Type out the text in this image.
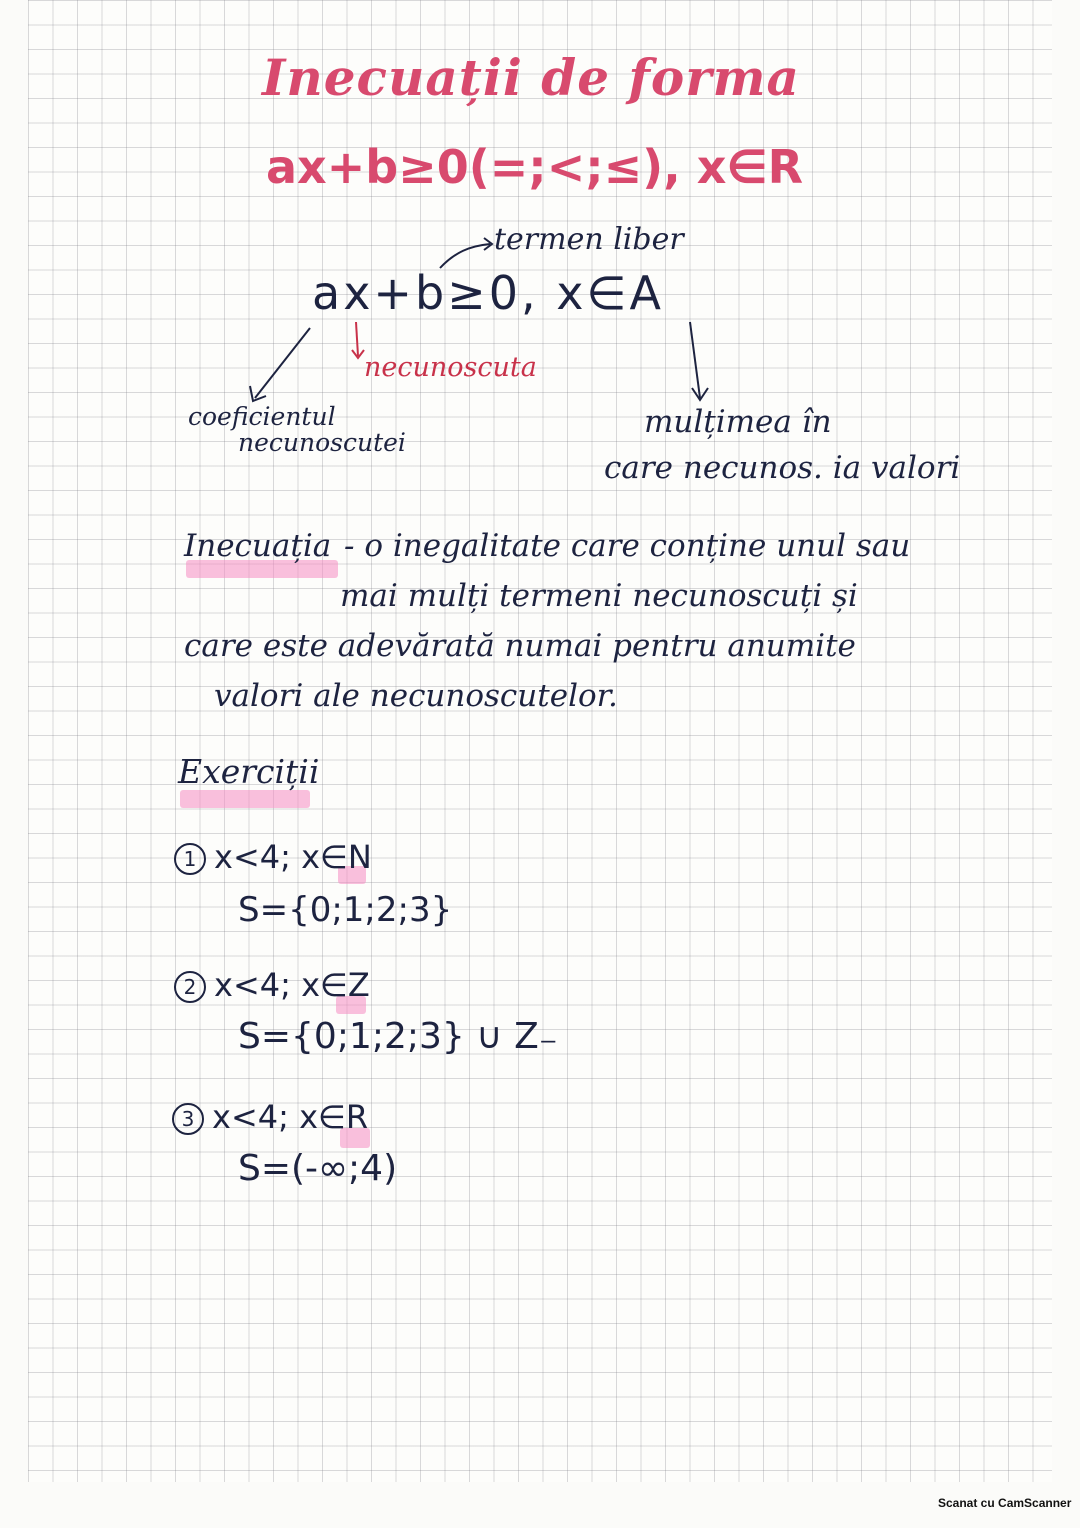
Inecuații de forma
ax+b≥0(=;<;≤), x∈R
termen liber
ax+b≥0, x∈A
necunoscuta
coeficientul
necunoscutei
mulțimea în
care necunos. ia valori
Inecuația - o inegalitate care conține unul sau
mai mulți termeni necunoscuți și
care este adevărată numai pentru anumite
valori ale necunoscutelor.
Exerciții
1 x<4; x∈N
S={0;1;2;3}
2 x<4; x∈Z
S={0;1;2;3} ∪ Z₋
3 x<4; x∈R
S=(-∞;4)
Scanat cu CamScanner
